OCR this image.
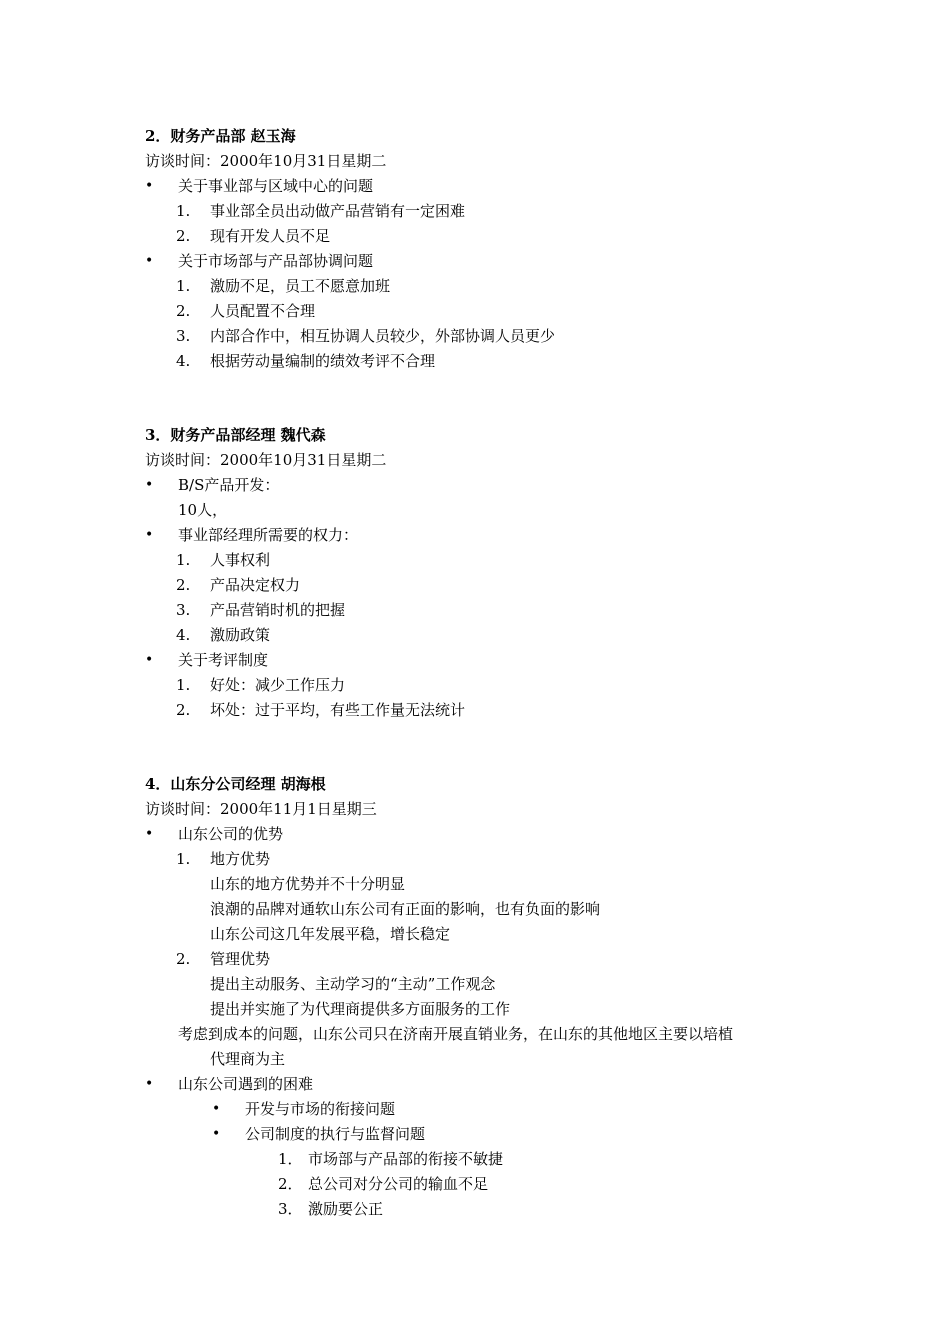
2．财务产品部 赵玉海
访谈时间：2000年10月31日星期二
• 关于事业部与区域中心的问题
1. 事业部全员出动做产品营销有一定困难
2. 现有开发人员不足
• 关于市场部与产品部协调问题
1. 激励不足，员工不愿意加班
2. 人员配置不合理
3. 内部合作中，相互协调人员较少，外部协调人员更少
4. 根据劳动量编制的绩效考评不合理
3．财务产品部经理 魏代森
访谈时间：2000年10月31日星期二
• B/S产品开发：
10人，
• 事业部经理所需要的权力：
1. 人事权利
2. 产品决定权力
3. 产品营销时机的把握
4. 激励政策
• 关于考评制度
1. 好处：减少工作压力
2. 坏处：过于平均，有些工作量无法统计
4．山东分公司经理 胡海根
访谈时间：2000年11月1日星期三
• 山东公司的优势
1. 地方优势
山东的地方优势并不十分明显
浪潮的品牌对通软山东公司有正面的影响，也有负面的影响
山东公司这几年发展平稳，增长稳定
2. 管理优势
提出主动服务、主动学习的“主动”工作观念
提出并实施了为代理商提供多方面服务的工作
考虑到成本的问题，山东公司只在济南开展直销业务，在山东的其他地区主要以培植
代理商为主
• 山东公司遇到的困难
• 开发与市场的衔接问题
• 公司制度的执行与监督问题
1． 市场部与产品部的衔接不敏捷
2． 总公司对分公司的输血不足
3． 激励要公正
